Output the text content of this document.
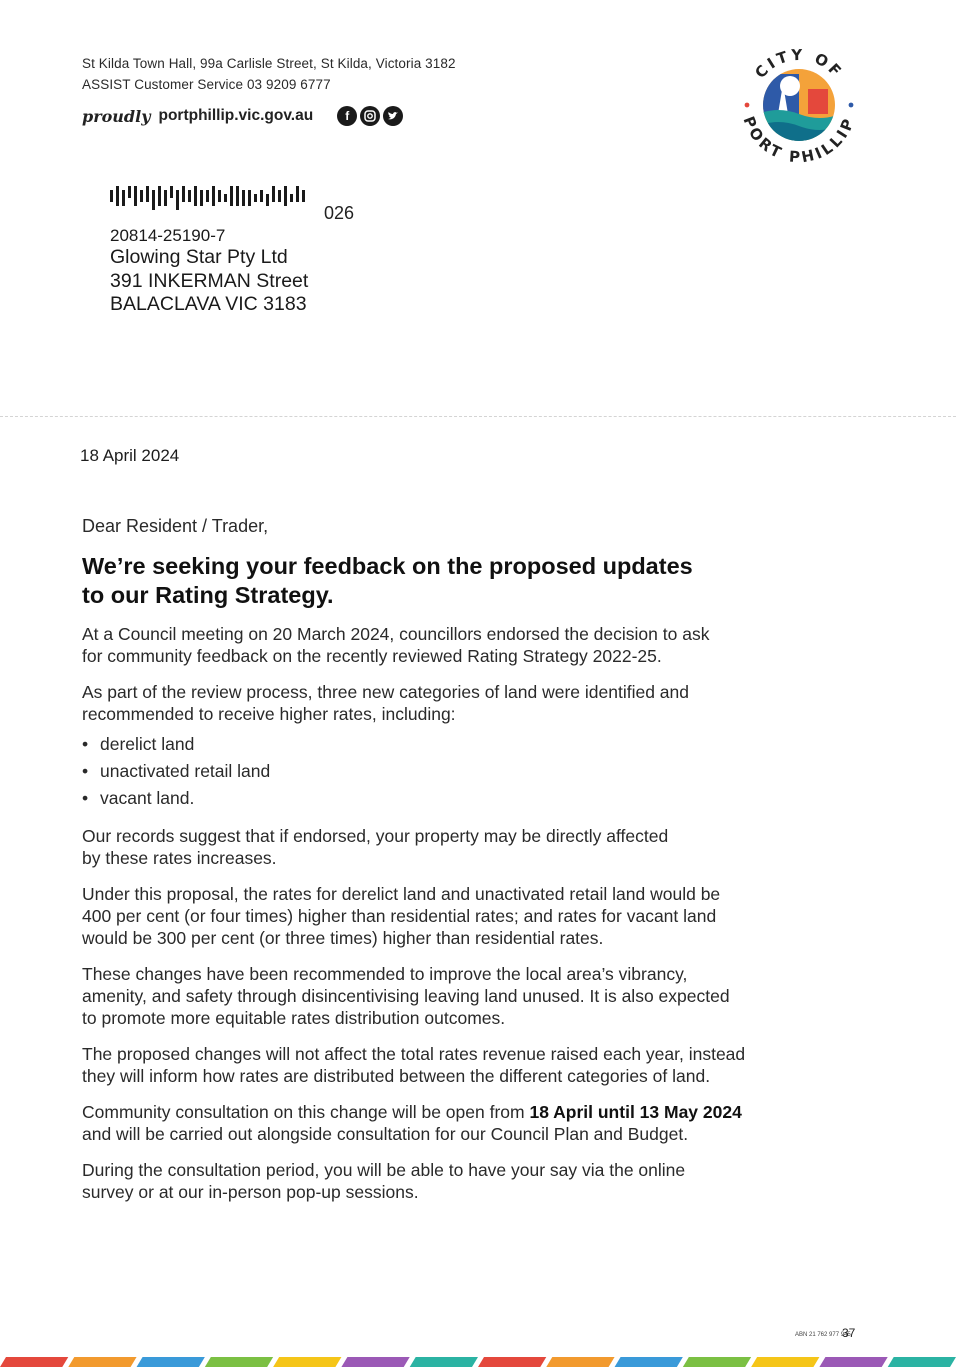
St Kilda Town Hall, 99a Carlisle Street, St Kilda, Victoria 3182
ASSIST Customer Service 03 9209 6777
proudly portphillip.vic.gov.au	f
CITY OF
PORT PHILLIP
026
20814-25190-7
Glowing Star Pty Ltd
391 INKERMAN Street
BALACLAVA VIC 3183
18 April 2024
Dear Resident / Trader,
We’re seeking your feedback on the proposed updates
to our Rating Strategy.
At a Council meeting on 20 March 2024, councillors endorsed the decision to ask
for community feedback on the recently reviewed Rating Strategy 2022-25.
As part of the review process, three new categories of land were identified and
recommended to receive higher rates, including:
• derelict land
• unactivated retail land
• vacant land.
Our records suggest that if endorsed, your property may be directly affected
by these rates increases.
Under this proposal, the rates for derelict land and unactivated retail land would be
400 per cent (or four times) higher than residential rates; and rates for vacant land
would be 300 per cent (or three times) higher than residential rates.
These changes have been recommended to improve the local area’s vibrancy,
amenity, and safety through disincentivising leaving land unused. It is also expected
to promote more equitable rates distribution outcomes.
The proposed changes will not affect the total rates revenue raised each year, instead
they will inform how rates are distributed between the different categories of land.
Community consultation on this change will be open from 18 April until 13 May 2024
and will be carried out alongside consultation for our Council Plan and Budget.
During the consultation period, you will be able to have your say via the online
survey or at our in-person pop-up sessions.
ABN 21 762 977 945
37
